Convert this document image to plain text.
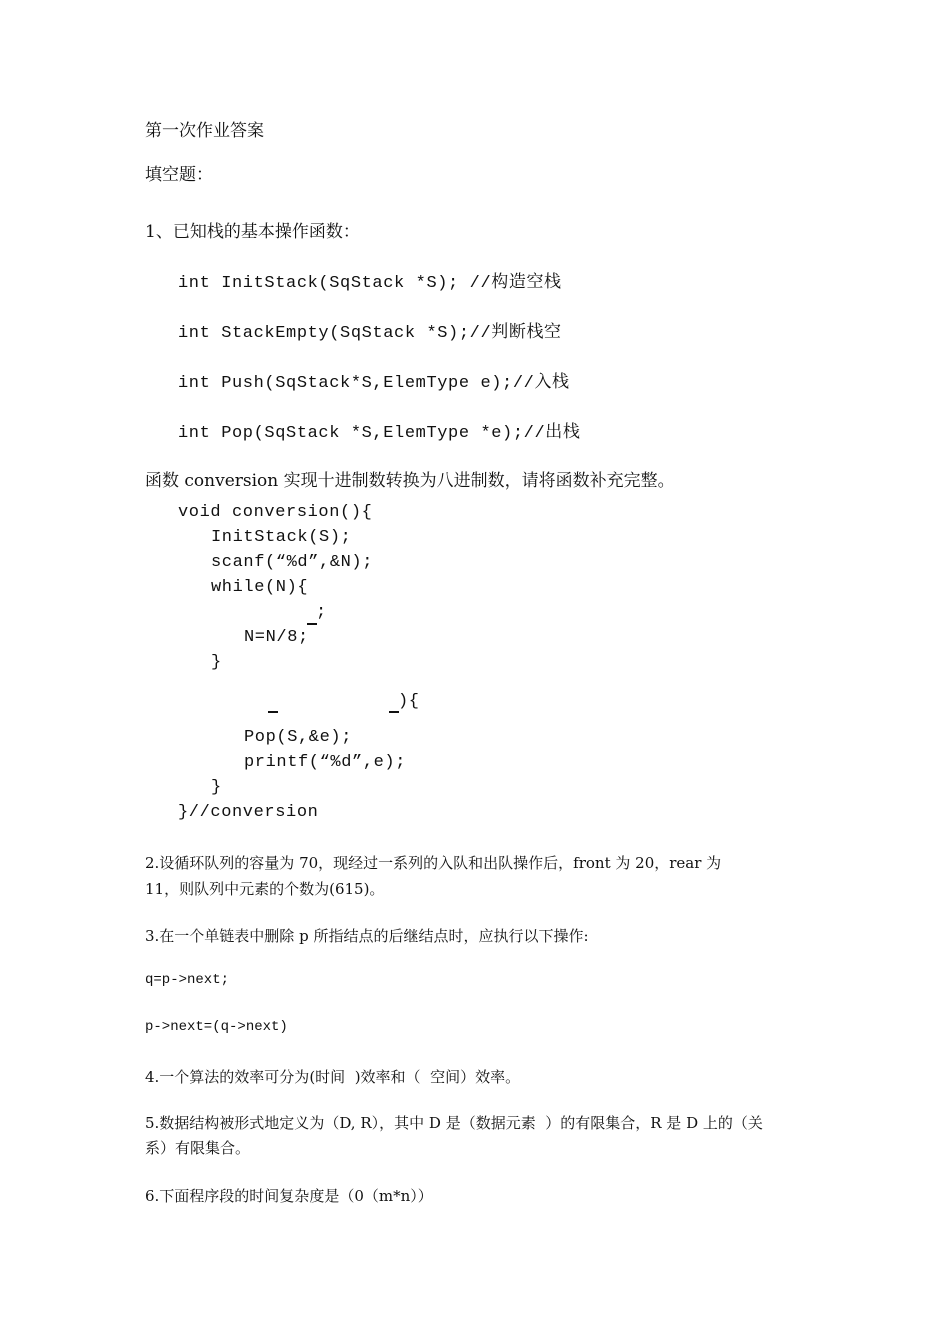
第一次作业答案

填空题：

1、已知栈的基本操作函数：

int InitStack(SqStack *S); //构造空栈

int StackEmpty(SqStack *S);//判断栈空

int Push(SqStack*S,ElemType e);//入栈

int Pop(SqStack *S,ElemType *e);//出栈

函数 conversion 实现十进制数转换为八进制数，请将函数补充完整。

void conversion(){

InitStack(S);

scanf(“%d”,&N);

while(N){

;

N=N/8;

}

){

Pop(S,&e);

printf(“%d”,e);

}

}//conversion

2.设循环队列的容量为 70，现经过一系列的入队和出队操作后，front 为 20，rear 为

11，则队列中元素的个数为(615)。

3.在一个单链表中删除 p 所指结点的后继结点时，应执行以下操作:

q=p->next;

p->next=(q->next)

4.一个算法的效率可分为(时间  )效率和（  空间）效率。

5.数据结构被形式地定义为（D, R），其中 D 是（数据元素  ）的有限集合，R 是 D 上的（关

系）有限集合。

6.下面程序段的时间复杂度是（0（m*n））
